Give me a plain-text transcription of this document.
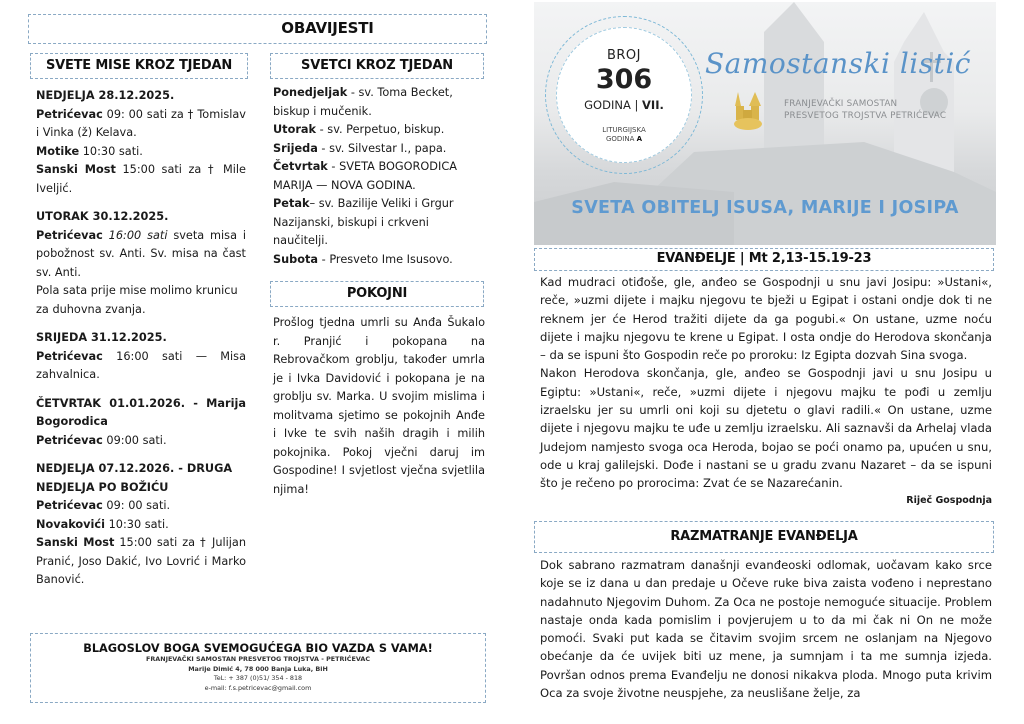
OBAVIJESTI
SVETE MISE KROZ TJEDAN

NEDJELJA 28.12.2025.

Petrićevac 09: 00 sati za † Tomislav i Vinka (ž) Kelava.

Motike 10:30 sati.

Sanski Most 15:00 sati za † Mile Iveljić.

UTORAK 30.12.2025.

Petrićevac 16:00 sati sveta misa i pobožnost sv. Anti. Sv. misa na čast sv. Anti.

Pola sata prije mise molimo krunicu za duhovna zvanja.

SRIJEDA 31.12.2025.

Petrićevac 16:00 sati — Misa zahvalnica.

ČETVRTAK 01.01.2026. - Marija Bogorodica

Petrićevac 09:00 sati.

NEDJELJA 07.12.2026. - DRUGA NEDJELJA PO BOŽIĆU

Petrićevac 09: 00 sati.

Novakovići 10:30 sati.

Sanski Most 15:00 sati za † Julijan Pranić, Joso Dakić, Ivo Lovrić i Marko Banović.

SVETCI KROZ TJEDAN

Ponedjeljak - sv. Toma Becket, biskup i mučenik.

Utorak - sv. Perpetuo, biskup.

Srijeda - sv. Silvestar I., papa.

Četvrtak - SVETA BOGORODICA MARIJA — NOVA GODINA.

Petak– sv. Bazilije Veliki i Grgur Nazijanski, biskupi i crkveni naučitelji.

Subota - Presveto Ime Isusovo.

POKOJNI

Prošlog tjedna umrli su Anđa Šukalo r. Pranjić i pokopana na Rebrovačkom groblju, također umrla je i Ivka Davidović i pokopana je na groblju sv. Marka. U svojim mislima i molitvama sjetimo se pokojnih Anđe i Ivke te svih naših dragih i milih pokojnika. Pokoj vječni daruj im Gospodine! I svjetlost vječna svjetlila njima!

BLAGOSLOV BOGA SVEMOGUĆEGA BIO VAZDA S VAMA!
FRANJEVAČKI SAMOSTAN PRESVETOG TROJSTVA - PETRIĆEVAC
Marije Dimić 4, 78 000 Banja Luka, BiH
TeL: + 387 (0)51/ 354 - 818
e-mail: f.s.petricevac@gmail.com
BROJ
306
GODINA | VII.
LITURGIJSKA
GODINA A
Samostanski listić
FRANJEVAČKI SAMOSTAN
PRESVETOG TROJSTVA PETRIĆEVAC
SVETA OBITELJ ISUSA, MARIJE I JOSIPA
EVANĐELJE | Mt 2,13-15.19-23

Kad mudraci otiđoše, gle, anđeo se Gospodnji u snu javi Josipu: »Ustani«, reče, »uzmi dijete i majku njegovu te bježi u Egipat i ostani ondje dok ti ne reknem jer će Herod tražiti dijete da ga pogubi.« On ustane, uzme noću dijete i majku njegovu te krene u Egipat. I osta ondje do Herodova skončanja – da se ispuni što Gospodin reče po proroku: Iz Egipta dozvah Sina svoga.

Nakon Herodova skončanja, gle, anđeo se Gospodnji javi u snu Josipu u Egiptu: »Ustani«, reče, »uzmi dijete i njegovu majku te pođi u zemlju izraelsku jer su umrli oni koji su djetetu o glavi radili.« On ustane, uzme dijete i njegovu majku te uđe u zemlju izraelsku. Ali saznavši da Arhelaj vlada Judejom namjesto svoga oca Heroda, bojao se poći onamo pa, upućen u snu, ode u kraj galilejski. Dođe i nastani se u gradu zvanu Nazaret – da se ispuni što je rečeno po prorocima: Zvat će se Nazarećanin.

Riječ Gospodnja

RAZMATRANJE EVANĐELJA

Dok sabrano razmatram današnji evanđeoski odlomak, uočavam kako srce koje se iz dana u dan predaje u Očeve ruke biva zaista vođeno i neprestano nadahnuto Njegovim Duhom. Za Oca ne postoje nemoguće situacije. Problem nastaje onda kada pomislim i povjerujem u to da mi čak ni On ne može pomoći. Svaki put kada se čitavim svojim srcem ne oslanjam na Njegovo obećanje da će uvijek biti uz mene, ja sumnjam i ta me sumnja izjeda. Površan odnos prema Evanđelju ne donosi nikakva ploda. Mnogo puta krivim Oca za svoje životne neuspjehe, za neuslišane želje, za
